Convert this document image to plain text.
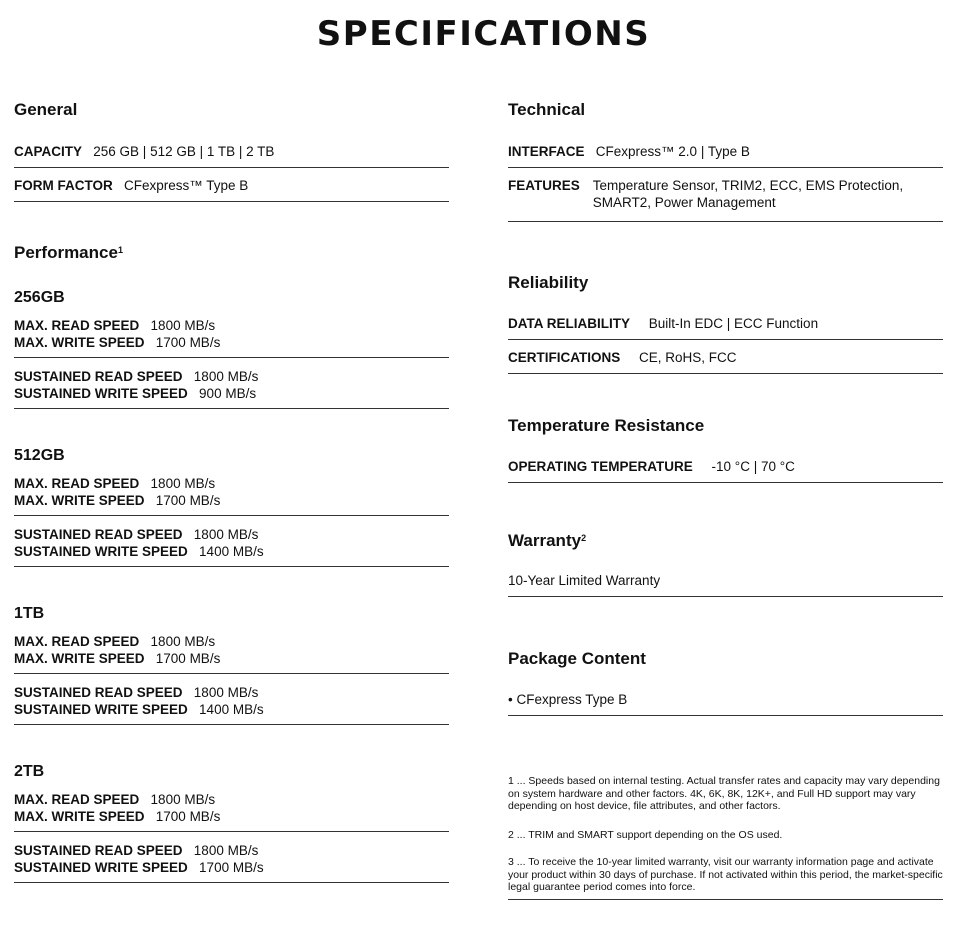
SPECIFICATIONS
General
CAPACITY 256 GB | 512 GB | 1 TB | 2 TB
FORM FACTOR CFexpress™ Type B
Performance$^1$
256GB
MAX. READ SPEED 1800 MB/s
MAX. WRITE SPEED 1700 MB/s
SUSTAINED READ SPEED 1800 MB/s
SUSTAINED WRITE SPEED 900 MB/s
512GB
MAX. READ SPEED 1800 MB/s
MAX. WRITE SPEED 1700 MB/s
SUSTAINED READ SPEED 1800 MB/s
SUSTAINED WRITE SPEED 1400 MB/s
1TB
MAX. READ SPEED 1800 MB/s
MAX. WRITE SPEED 1700 MB/s
SUSTAINED READ SPEED 1800 MB/s
SUSTAINED WRITE SPEED 1400 MB/s
2TB
MAX. READ SPEED 1800 MB/s
MAX. WRITE SPEED 1700 MB/s
SUSTAINED READ SPEED 1800 MB/s
SUSTAINED WRITE SPEED 1700 MB/s
Technical
INTERFACE CFexpress™ 2.0 | Type B
FEATURES Temperature Sensor, TRIM2, ECC, EMS Protection, SMART2, Power Management
Reliability
DATA RELIABILITY Built-In EDC | ECC Function
CERTIFICATIONS CE, RoHS, FCC
Temperature Resistance
OPERATING TEMPERATURE -10 °C | 70 °C
Warranty$^2$
10-Year Limited Warranty
Package Content
• CFexpress Type B
1 ... Speeds based on internal testing. Actual transfer rates and capacity may vary depending on system hardware and other factors. 4K, 6K, 8K, 12K+, and Full HD support may vary depending on host device, file attributes, and other factors.
2 ... TRIM and SMART support depending on the OS used.
3 ... To receive the 10-year limited warranty, visit our warranty information page and activate your product within 30 days of purchase. If not activated within this period, the market-specific legal guarantee period comes into force.
